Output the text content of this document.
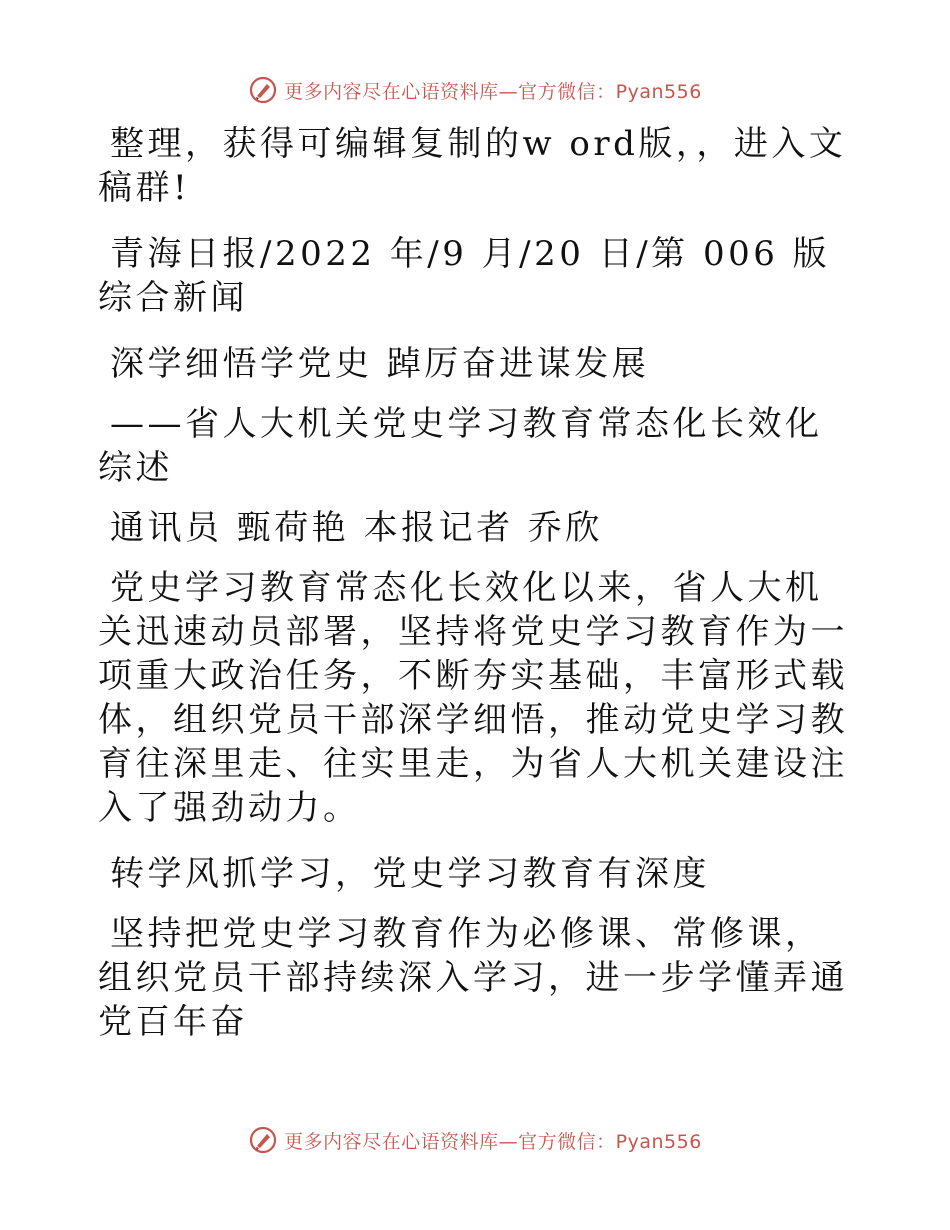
更多内容尽在心语资料库—官方微信：Pyan556

整理，获得可编辑复制的w ord版，，进入文稿群!

青海日报/2022 年/9 月/20 日/第 006 版综合新闻

深学细悟学党史 踔厉奋进谋发展

——省人大机关党史学习教育常态化长效化综述

通讯员 甄荷艳 本报记者 乔欣

党史学习教育常态化长效化以来，省人大机关迅速动员部署，坚持将党史学习教育作为一项重大政治任务，不断夯实基础，丰富形式载体，组织党员干部深学细悟，推动党史学习教育往深里走、往实里走，为省人大机关建设注入了强劲动力。

转学风抓学习，党史学习教育有深度

坚持把党史学习教育作为必修课、常修课，组织党员干部持续深入学习，进一步学懂弄通党百年奋

更多内容尽在心语资料库—官方微信：Pyan556
